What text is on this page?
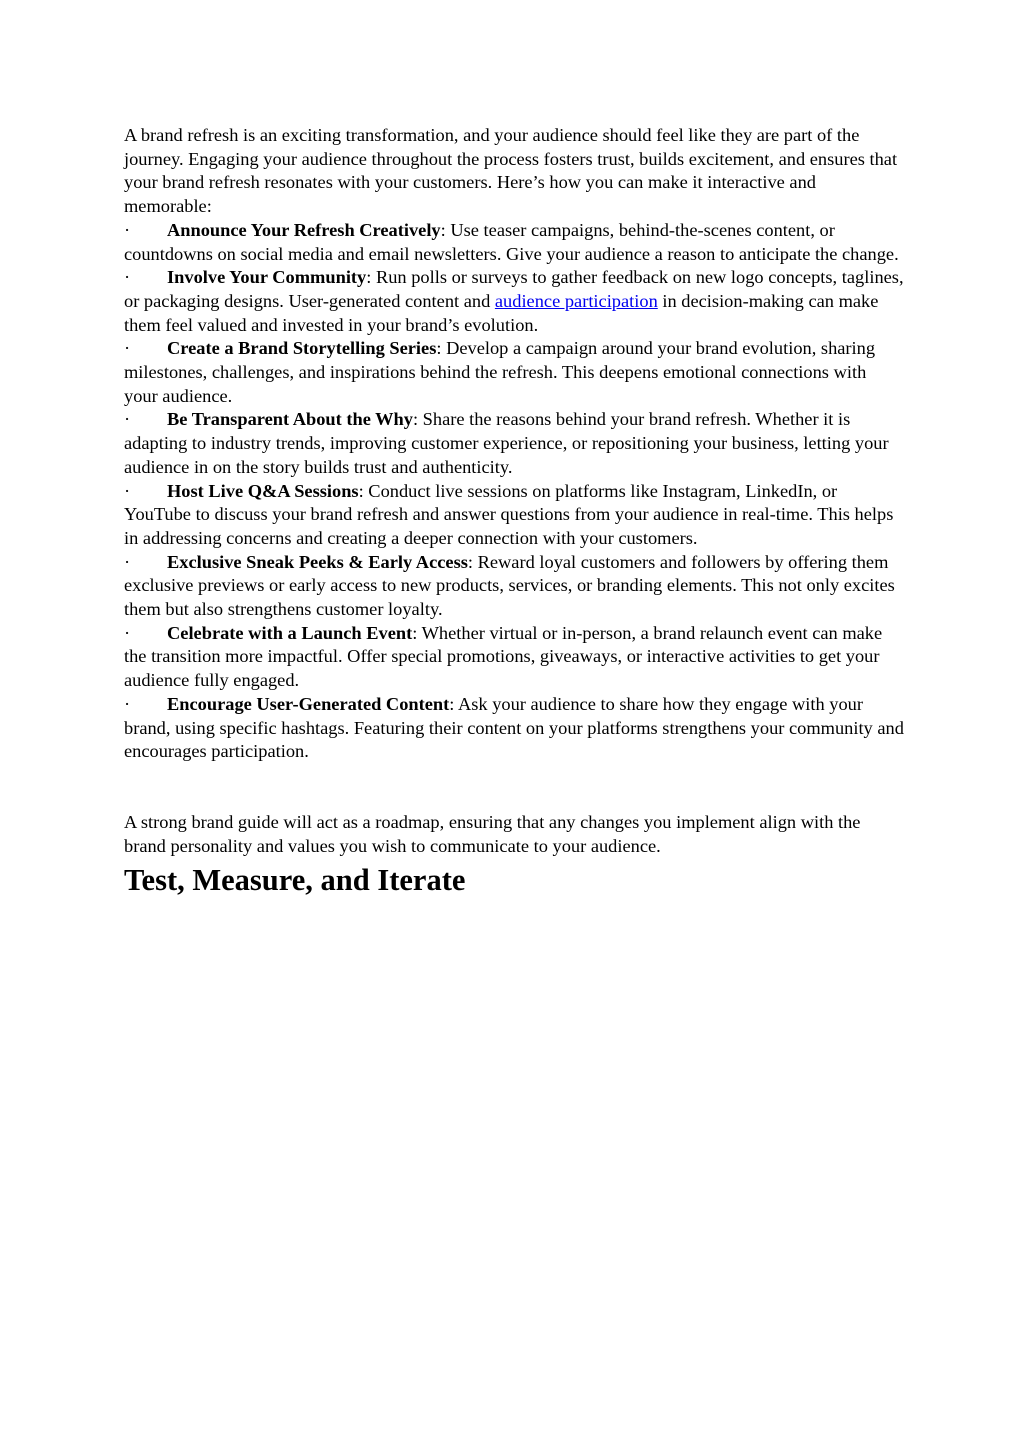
A brand refresh is an exciting transformation, and your audience should feel like they are part of the journey. Engaging your audience throughout the process fosters trust, builds excitement, and ensures that your brand refresh resonates with your customers. Here’s how you can make it interactive and memorable:

· Announce Your Refresh Creatively: Use teaser campaigns, behind-the-scenes content, or countdowns on social media and email newsletters. Give your audience a reason to anticipate the change.

· Involve Your Community: Run polls or surveys to gather feedback on new logo concepts, taglines, or packaging designs. User-generated content and audience participation in decision-making can make them feel valued and invested in your brand’s evolution.

· Create a Brand Storytelling Series: Develop a campaign around your brand evolution, sharing milestones, challenges, and inspirations behind the refresh. This deepens emotional connections with your audience.

· Be Transparent About the Why: Share the reasons behind your brand refresh. Whether it is adapting to industry trends, improving customer experience, or repositioning your business, letting your audience in on the story builds trust and authenticity.

· Host Live Q&A Sessions: Conduct live sessions on platforms like Instagram, LinkedIn, or YouTube to discuss your brand refresh and answer questions from your audience in real-time. This helps in addressing concerns and creating a deeper connection with your customers.

· Exclusive Sneak Peeks & Early Access: Reward loyal customers and followers by offering them exclusive previews or early access to new products, services, or branding elements. This not only excites them but also strengthens customer loyalty.

· Celebrate with a Launch Event: Whether virtual or in-person, a brand relaunch event can make the transition more impactful. Offer special promotions, giveaways, or interactive activities to get your audience fully engaged.

· Encourage User-Generated Content: Ask your audience to share how they engage with your brand, using specific hashtags. Featuring their content on your platforms strengthens your community and encourages participation.

A strong brand guide will act as a roadmap, ensuring that any changes you implement align with the brand personality and values you wish to communicate to your audience.

Test, Measure, and Iterate
